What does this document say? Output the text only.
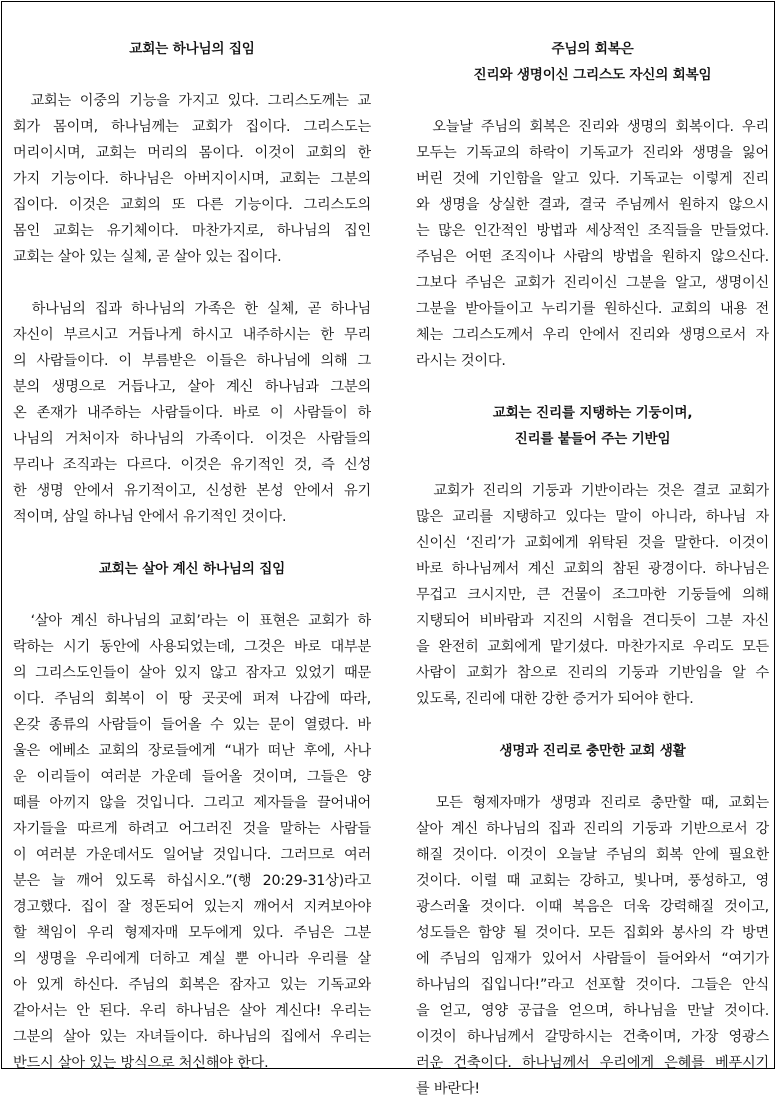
교회는 하나님의 집임
교회는 이중의 기능을 가지고 있다. 그리스도께는 교
회가 몸이며, 하나님께는 교회가 집이다. 그리스도는
머리이시며, 교회는 머리의 몸이다. 이것이 교회의 한
가지 기능이다. 하나님은 아버지이시며, 교회는 그분의
집이다. 이것은 교회의 또 다른 기능이다. 그리스도의
몸인 교회는 유기체이다. 마찬가지로, 하나님의 집인
교회는 살아 있는 실체, 곧 살아 있는 집이다.
하나님의 집과 하나님의 가족은 한 실체, 곧 하나님
자신이 부르시고 거듭나게 하시고 내주하시는 한 무리
의 사람들이다. 이 부름받은 이들은 하나님에 의해 그
분의 생명으로 거듭나고, 살아 계신 하나님과 그분의
온 존재가 내주하는 사람들이다. 바로 이 사람들이 하
나님의 거처이자 하나님의 가족이다. 이것은 사람들의
무리나 조직과는 다르다. 이것은 유기적인 것, 즉 신성
한 생명 안에서 유기적이고, 신성한 본성 안에서 유기
적이며, 삼일 하나님 안에서 유기적인 것이다.
교회는 살아 계신 하나님의 집임
‘살아 계신 하나님의 교회’라는 이 표현은 교회가 하
락하는 시기 동안에 사용되었는데, 그것은 바로 대부분
의 그리스도인들이 살아 있지 않고 잠자고 있었기 때문
이다. 주님의 회복이 이 땅 곳곳에 퍼져 나감에 따라,
온갖 종류의 사람들이 들어올 수 있는 문이 열렸다. 바
울은 에베소 교회의 장로들에게 “내가 떠난 후에, 사나
운 이리들이 여러분 가운데 들어올 것이며, 그들은 양
떼를 아끼지 않을 것입니다. 그리고 제자들을 끌어내어
자기들을 따르게 하려고 어그러진 것을 말하는 사람들
이 여러분 가운데서도 일어날 것입니다. 그러므로 여러
분은 늘 깨어 있도록 하십시오.”(행 20:29-31상)라고
경고했다. 집이 잘 정돈되어 있는지 깨어서 지켜보아야
할 책임이 우리 형제자매 모두에게 있다. 주님은 그분
의 생명을 우리에게 더하고 계실 뿐 아니라 우리를 살
아 있게 하신다. 주님의 회복은 잠자고 있는 기독교와
같아서는 안 된다. 우리 하나님은 살아 계신다! 우리는
그분의 살아 있는 자녀들이다. 하나님의 집에서 우리는
반드시 살아 있는 방식으로 처신해야 한다.
주님의 회복은
진리와 생명이신 그리스도 자신의 회복임
오늘날 주님의 회복은 진리와 생명의 회복이다. 우리
모두는 기독교의 하락이 기독교가 진리와 생명을 잃어
버린 것에 기인함을 알고 있다. 기독교는 이렇게 진리
와 생명을 상실한 결과, 결국 주님께서 원하지 않으시
는 많은 인간적인 방법과 세상적인 조직들을 만들었다.
주님은 어떤 조직이나 사람의 방법을 원하지 않으신다.
그보다 주님은 교회가 진리이신 그분을 알고, 생명이신
그분을 받아들이고 누리기를 원하신다. 교회의 내용 전
체는 그리스도께서 우리 안에서 진리와 생명으로서 자
라시는 것이다.
교회는 진리를 지탱하는 기둥이며,
진리를 붙들어 주는 기반임
교회가 진리의 기둥과 기반이라는 것은 결코 교회가
많은 교리를 지탱하고 있다는 말이 아니라, 하나님 자
신이신 ‘진리’가 교회에게 위탁된 것을 말한다. 이것이
바로 하나님께서 계신 교회의 참된 광경이다. 하나님은
무겁고 크시지만, 큰 건물이 조그마한 기둥들에 의해
지탱되어 비바람과 지진의 시험을 견디듯이 그분 자신
을 완전히 교회에게 맡기셨다. 마찬가지로 우리도 모든
사람이 교회가 참으로 진리의 기둥과 기반임을 알 수
있도록, 진리에 대한 강한 증거가 되어야 한다.
생명과 진리로 충만한 교회 생활
모든 형제자매가 생명과 진리로 충만할 때, 교회는
살아 계신 하나님의 집과 진리의 기둥과 기반으로서 강
해질 것이다. 이것이 오늘날 주님의 회복 안에 필요한
것이다. 이럴 때 교회는 강하고, 빛나며, 풍성하고, 영
광스러울 것이다. 이때 복음은 더욱 강력해질 것이고,
성도들은 함양 될 것이다. 모든 집회와 봉사의 각 방면
에 주님의 임재가 있어서 사람들이 들어와서 “여기가
하나님의 집입니다!”라고 선포할 것이다. 그들은 안식
을 얻고, 영양 공급을 얻으며, 하나님을 만날 것이다.
이것이 하나님께서 갈망하시는 건축이며, 가장 영광스
러운 건축이다. 하나님께서 우리에게 은혜를 베푸시기
를 바란다!
